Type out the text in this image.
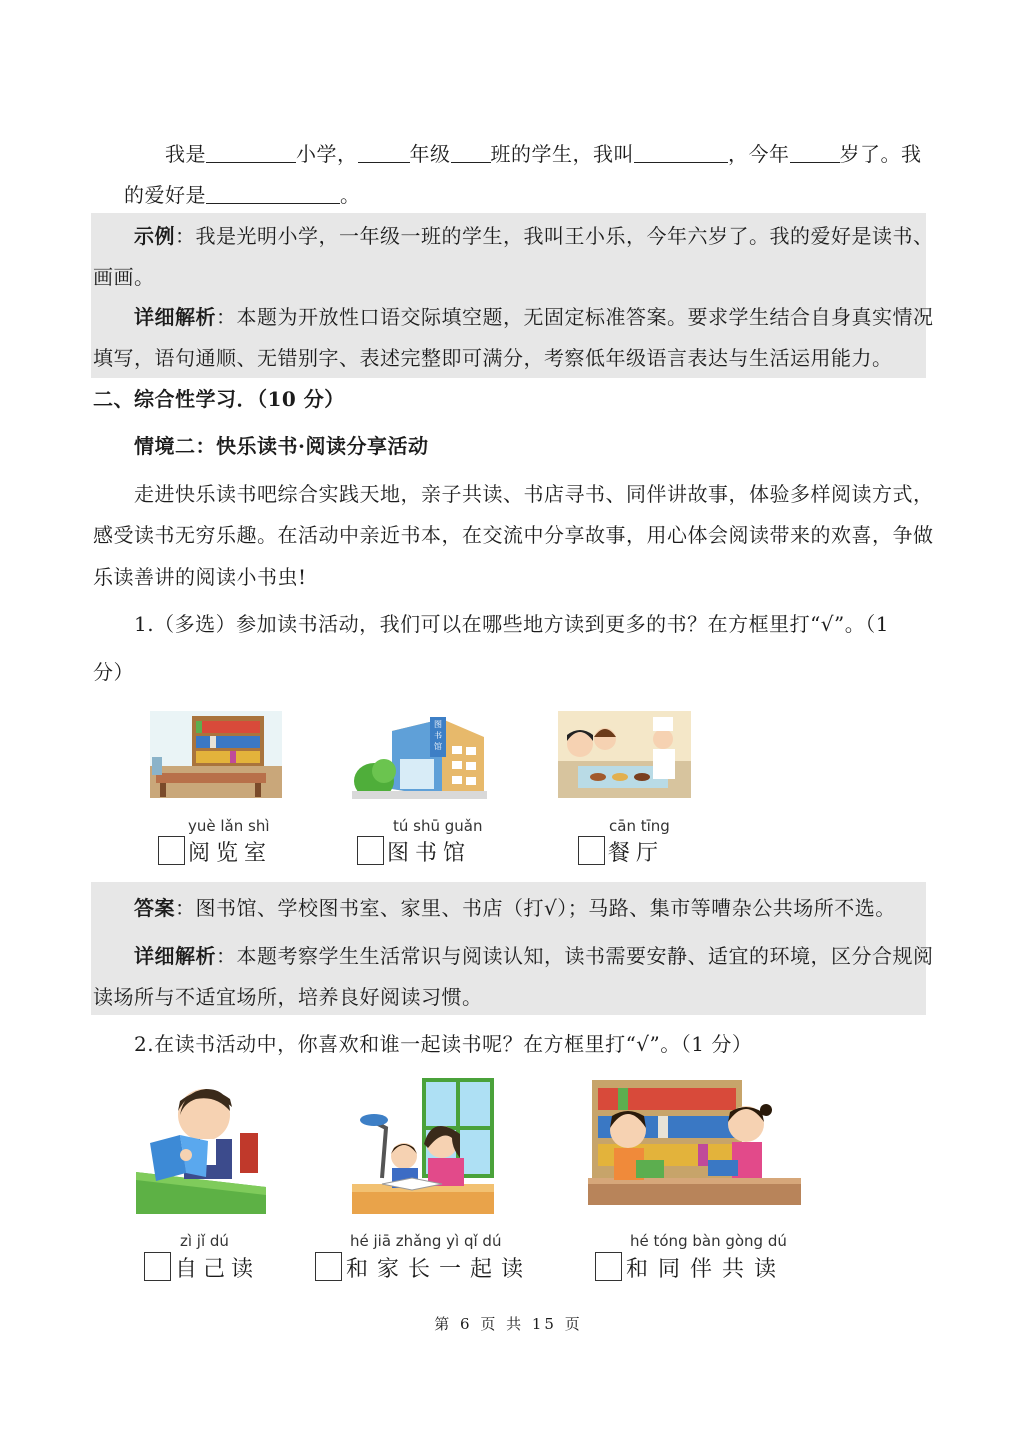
我是	小学，	年级 班的学生，我叫	，今年	岁了。我
的爱好是	。
示例：我是光明小学，一年级一班的学生，我叫王小乐，今年六岁了。我的爱好是读书、
画画。
详细解析：本题为开放性口语交际填空题，无固定标准答案。要求学生结合自身真实情况
填写，语句通顺、无错别字、表述完整即可满分，考察低年级语言表达与生活运用能力。
二、综合性学习．（10 分）
情境二：快乐读书·阅读分享活动
走进快乐读书吧综合实践天地，亲子共读、书店寻书、同伴讲故事，体验多样阅读方式，
感受读书无穷乐趣。在活动中亲近书本，在交流中分享故事，用心体会阅读带来的欢喜，争做
乐读善讲的阅读小书虫!
1.（多选）参加读书活动，我们可以在哪些地方读到更多的书？在方框里打“√”。（1
分）
图
书
馆
yuè lǎn shì
阅览室
tú shū guǎn
图书馆
cān tīng
餐厅
答案：图书馆、学校图书室、家里、书店（打√）；马路、集市等嘈杂公共场所不选。
详细解析：本题考察学生生活常识与阅读认知，读书需要安静、适宜的环境，区分合规阅
读场所与不适宜场所，培养良好阅读习惯。
2.在读书活动中，你喜欢和谁一起读书呢？在方框里打“√”。（1 分）
zì jǐ dú
自己读
hé jiā zhǎng yì qǐ dú
和家长一起读
hé tóng bàn gòng dú
和同伴共读
第 6 页 共 15 页
